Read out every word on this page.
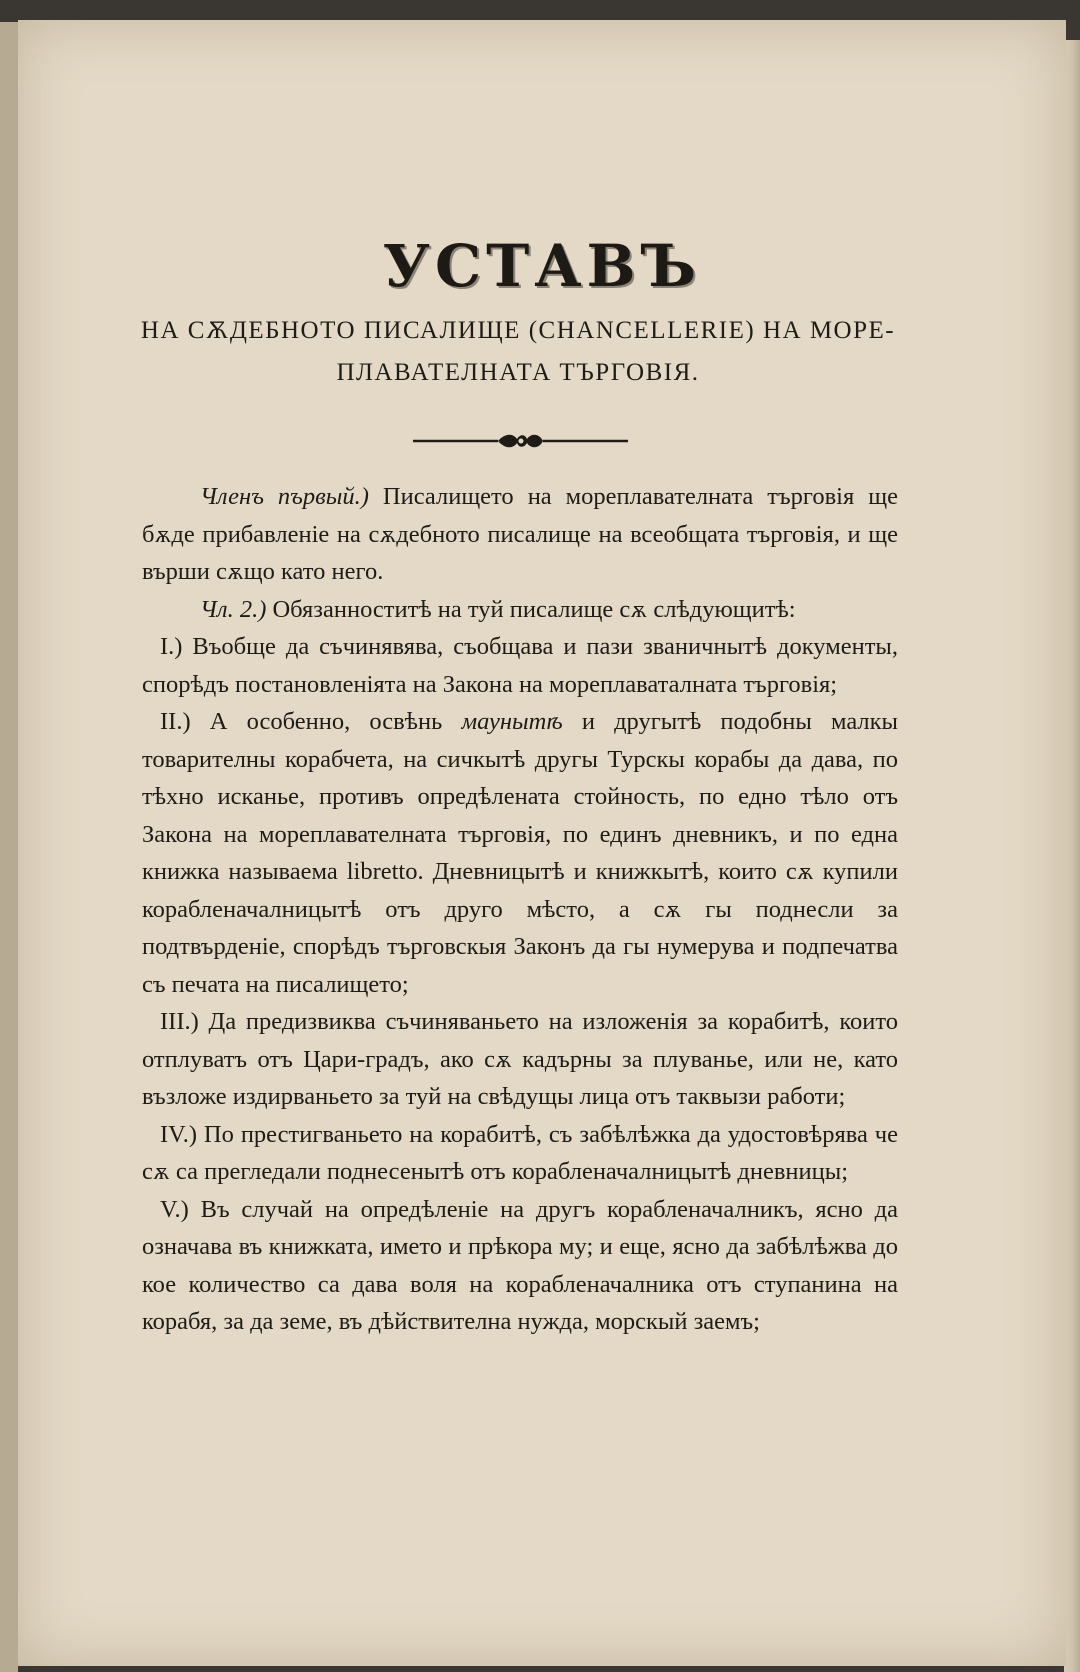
УСТАВЪ
НА СѪДЕБНОТО ПИСАЛИЩЕ (CHANCELLERIE) НА МОРЕ-
ПЛАВАТЕЛНАТА ТЪРГОВІЯ.

Членъ първый.) Писалището на мореплавателната търговія ще бѫде прибавленіе на сѫдебното писалище на всеобщата търговія, и ще върши сѫщо като него.

Чл. 2.) Обязанноститѣ на туй писалище сѫ слѣдующитѣ:

I.) Въобще да съчинявява, съобщава и пази званичнытѣ документы, спорѣдъ постановленіята на Закона на мореплаваталната търговія;

II.) А особенно, освѣнь маунытѣ и другытѣ подобны малкы товарителны корабчета, на сичкытѣ другы Турскы корабы да дава, по тѣхно исканье, противъ опредѣлената стойность, по едно тѣло отъ Закона на мореплавателната търговія, по единъ дневникъ, и по една книжка называема libretto. Дневницытѣ и книжкытѣ, които сѫ купили корабленачалницытѣ отъ друго мѣсто, а сѫ гы поднесли за подтвърденіе, спорѣдъ търговскыя Законъ да гы нумерува и подпечатва съ печата на писалището;

III.) Да предизвиква съчиняваньето на изложенія за корабитѣ, които отплуватъ отъ Цари-градъ, ако сѫ кадърны за плуванье, или не, като възложе издирваньето за туй на свѣдущы лица отъ таквызи работи;

IV.) По престигваньето на корабитѣ, съ забѣлѣжка да удостовѣрява че сѫ са прегледали поднесенытѣ отъ корабленачалницытѣ дневницы;

V.) Въ случай на опредѣленіе на другъ корабленачалникъ, ясно да означава въ книжката, името и прѣкора му; и еще, ясно да забѣлѣжва до кое количество са дава воля на корабленачалника отъ ступанина на корабя, за да земе, въ дѣйствителна нужда, морскый заемъ;
